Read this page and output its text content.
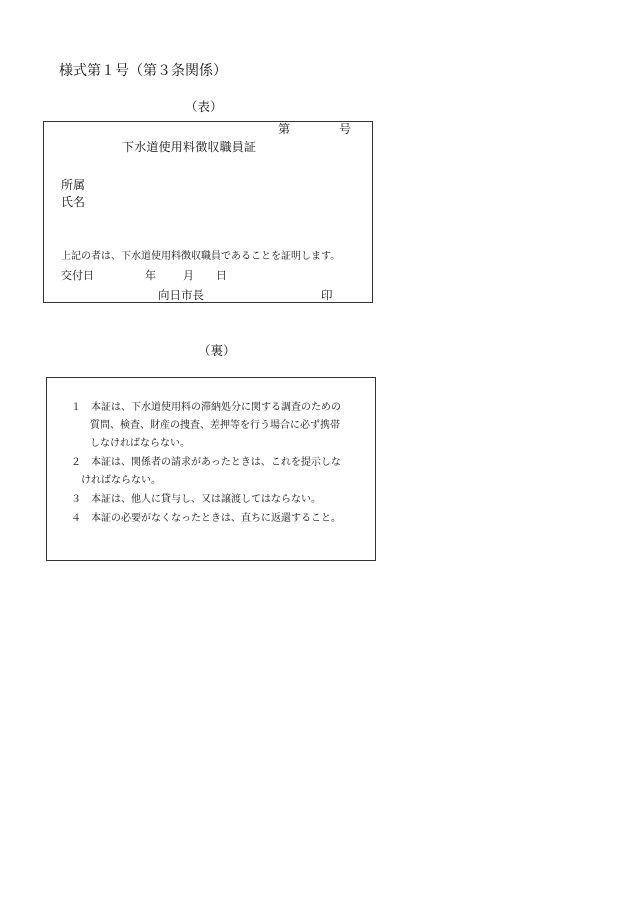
様式第１号（第３条関係）
（表）
第	号
下水道使用料徴収職員証
所属
氏名
上記の者は、下水道使用料徴収職員であることを証明します。
交付日	年 月 日
向日市長	印
（裏）
１　本証は、下水道使用料の滞納処分に関する調査のための
質問、検査、財産の捜査、差押等を行う場合に必ず携帯
しなければならない。
２　本証は、関係者の請求があったときは、これを提示しな
ければならない。
３　本証は、他人に貸与し、又は譲渡してはならない。
４　本証の必要がなくなったときは、直ちに返還すること。
